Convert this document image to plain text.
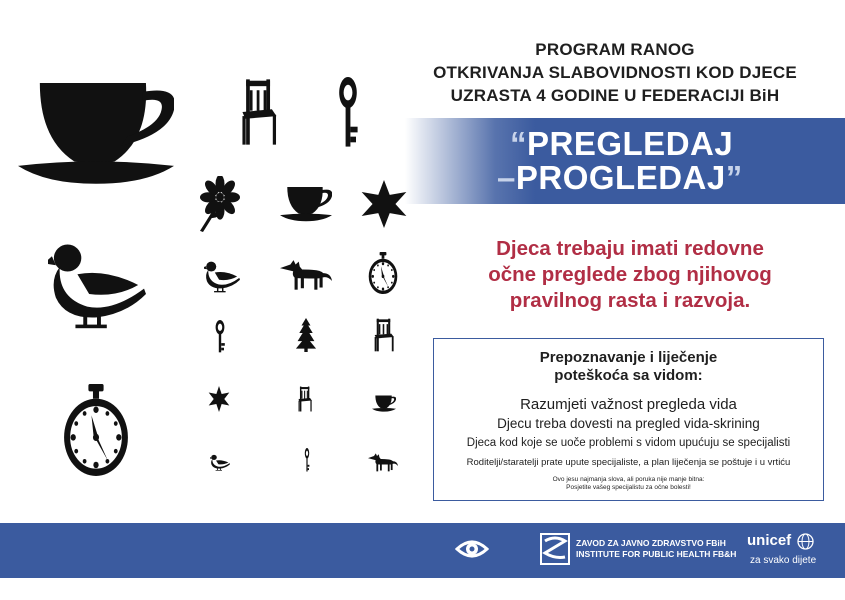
PROGRAM RANOG
OTKRIVANJA SLABOVIDNOSTI KOD DJECE
UZRASTA 4 GODINE U FEDERACIJI BiH
“PREGLEDAJ
–PROGLEDAJ”
Djeca trebaju imati redovne
očne preglede zbog njihovog
pravilnog rasta i razvoja.
Prepoznavanje i liječenje
poteškoća sa vidom:
Razumjeti važnost pregleda vida
Djecu treba dovesti na pregled vida-skrining
Djeca kod koje se uoče problemi s vidom upućuju se specijalisti
Roditelji/staratelji prate upute specijaliste, a plan liječenja se poštuje i u vrtiću
Ovo jesu najmanja slova, ali poruka nije manje bitna:
Posjetite vašeg specijalistu za očne bolesti!
ZAVOD ZA JAVNO ZDRAVSTVO FBiH
INSTITUTE FOR PUBLIC HEALTH FB&H
unicef
za svako dijete
